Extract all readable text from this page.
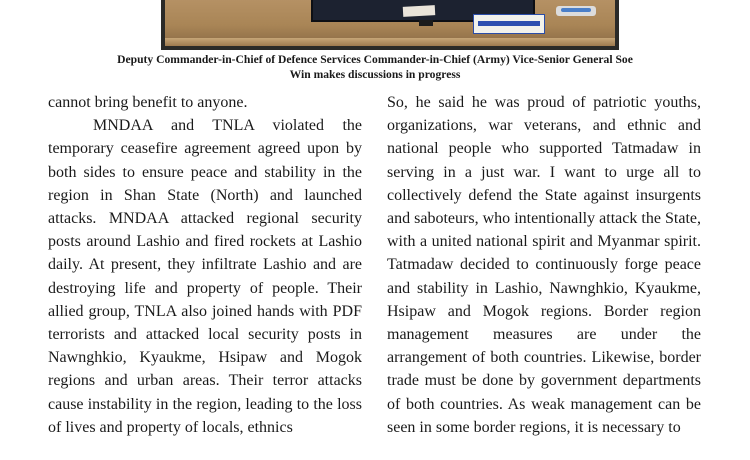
Deputy Commander-in-Chief of Defence Services Commander-in-Chief (Army) Vice-Senior General Soe
Win makes discussions in progress

cannot bring benefit to anyone.

MNDAA and TNLA violated the temporary ceasefire agreement agreed upon by both sides to ensure peace and stability in the region in Shan State (North) and launched attacks. MNDAA attacked regional security posts around Lashio and fired rockets at Lashio daily. At present, they infiltrate Lashio and are destroying life and property of people. Their allied group, TNLA also joined hands with PDF terrorists and attacked local security posts in Nawnghkio, Kyaukme, Hsipaw and Mogok regions and urban areas. Their terror attacks cause instability in the region, leading to the loss of lives and property of locals, ethnics

So, he said he was proud of patriotic youths, organizations, war veterans, and ethnic and national people who supported Tatmadaw in serving in a just war. I want to urge all to collectively defend the State against insurgents and saboteurs, who intentionally attack the State, with a united national spirit and Myanmar spirit. Tatmadaw decided to continuously forge peace and stability in Lashio, Nawnghkio, Kyaukme, Hsipaw and Mogok regions. Border region management measures are under the arrangement of both countries. Likewise, border trade must be done by government departments of both countries. As weak management can be seen in some border regions, it is necessary to
